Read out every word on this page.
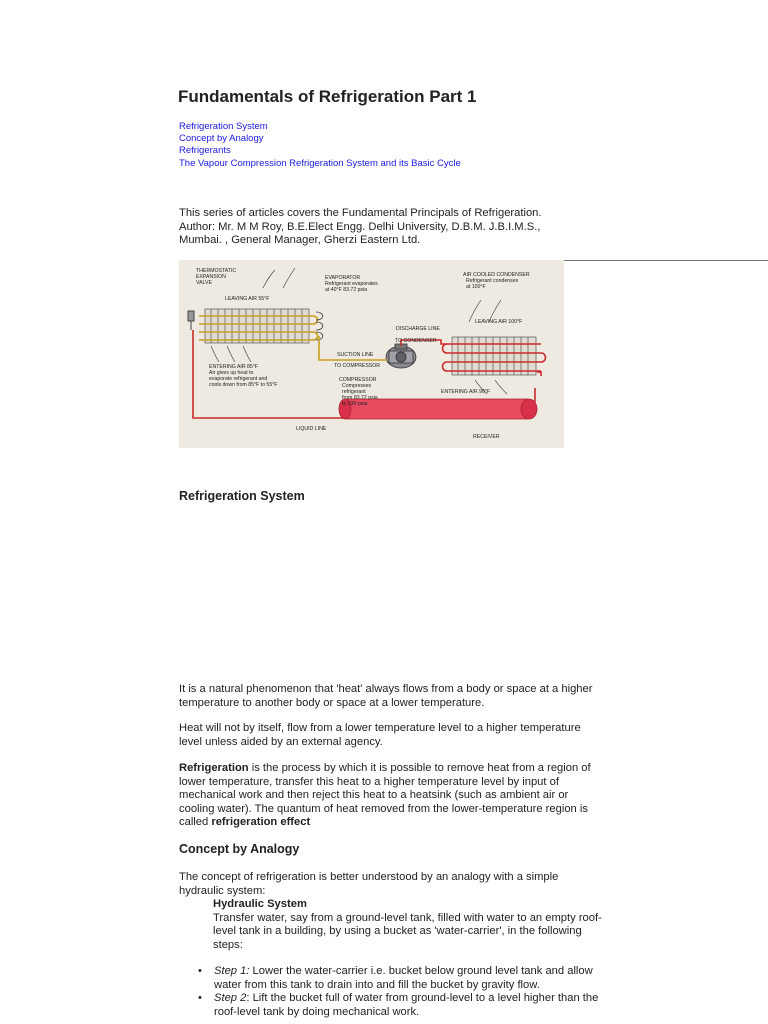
Fundamentals of Refrigeration Part 1
Refrigeration System
Concept by Analogy
Refrigerants
The Vapour Compression Refrigeration System and its Basic Cycle
This series of articles covers the Fundamental Principals of Refrigeration.
Author: Mr. M M Roy, B.E.Elect Engg. Delhi University, D.B.M. J.B.I.M.S.,
Mumbai. , General Manager, Gherzi Eastern Ltd.
THERMOSTATIC
EXPANSION
VALVE
LEAVING AIR 55°F
EVAPORATOR
Refrigerant evaporates
at 40°F 83.72 psia
ENTERING AIR 85°F
Air gives up heat to
evaporate refrigerant and
cools down from 85°F to 55°F
SUCTION LINE
TO COMPRESSOR
COMPRESSOR
Compresses
refrigerant
from 83.72 psia
to 230 psia
DISCHARGE LINE
TO CONDENSER
AIR COOLED CONDENSER
Refrigerant condenses
at 100°F
LEAVING AIR 100°F
ENTERING AIR 90°F
LIQUID LINE
RECEIVER
Refrigeration System
It is a natural phenomenon that 'heat' always flows from a body or space at a higher temperature to another body or space at a lower temperature.
Heat will not by itself, flow from a lower temperature level to a higher temperature level unless aided by an external agency.
Refrigeration is the process by which it is possible to remove heat from a region of lower temperature, transfer this heat to a higher temperature level by input of mechanical work and then reject this heat to a heatsink (such as ambient air or cooling water). The quantum of heat removed from the lower-temperature region is called refrigeration effect
Concept by Analogy
The concept of refrigeration is better understood by an analogy with a simple hydraulic system:
Hydraulic System
Transfer water, say from a ground-level tank, filled with water to an empty roof-level tank in a building, by using a bucket as 'water-carrier', in the following steps:
• Step 1: Lower the water-carrier i.e. bucket below ground level tank and allow water from this tank to drain into and fill the bucket by gravity flow.
• Step 2: Lift the bucket full of water from ground-level to a level higher than the roof-level tank by doing mechanical work.
